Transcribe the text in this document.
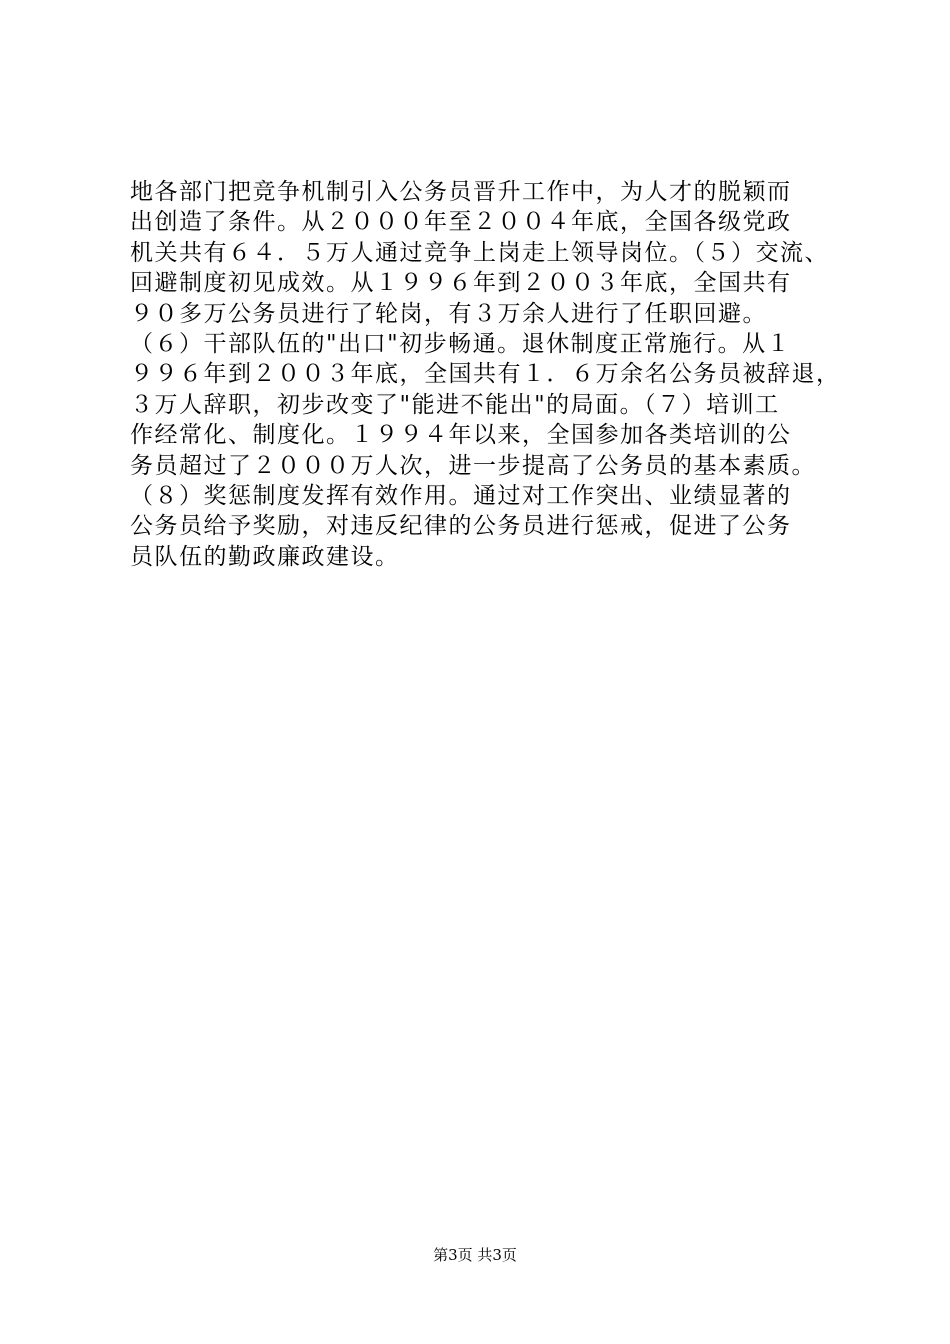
地各部门把竞争机制引入公务员晋升工作中，为人才的脱颖而
出创造了条件。从２０００年至２００４年底，全国各级党政
机关共有６４．５万人通过竞争上岗走上领导岗位。（５）交流、
回避制度初见成效。从１９９６年到２００３年底，全国共有
９０多万公务员进行了轮岗，有３万余人进行了任职回避。
（６）干部队伍的"出口"初步畅通。退休制度正常施行。从１
９９６年到２００３年底，全国共有１．６万余名公务员被辞退，
３万人辞职，初步改变了"能进不能出"的局面。（７）培训工
作经常化、制度化。１９９４年以来，全国参加各类培训的公
务员超过了２０００万人次，进一步提高了公务员的基本素质。
（８）奖惩制度发挥有效作用。通过对工作突出、业绩显著的
公务员给予奖励，对违反纪律的公务员进行惩戒，促进了公务
员队伍的勤政廉政建设。
第3页 共3页
